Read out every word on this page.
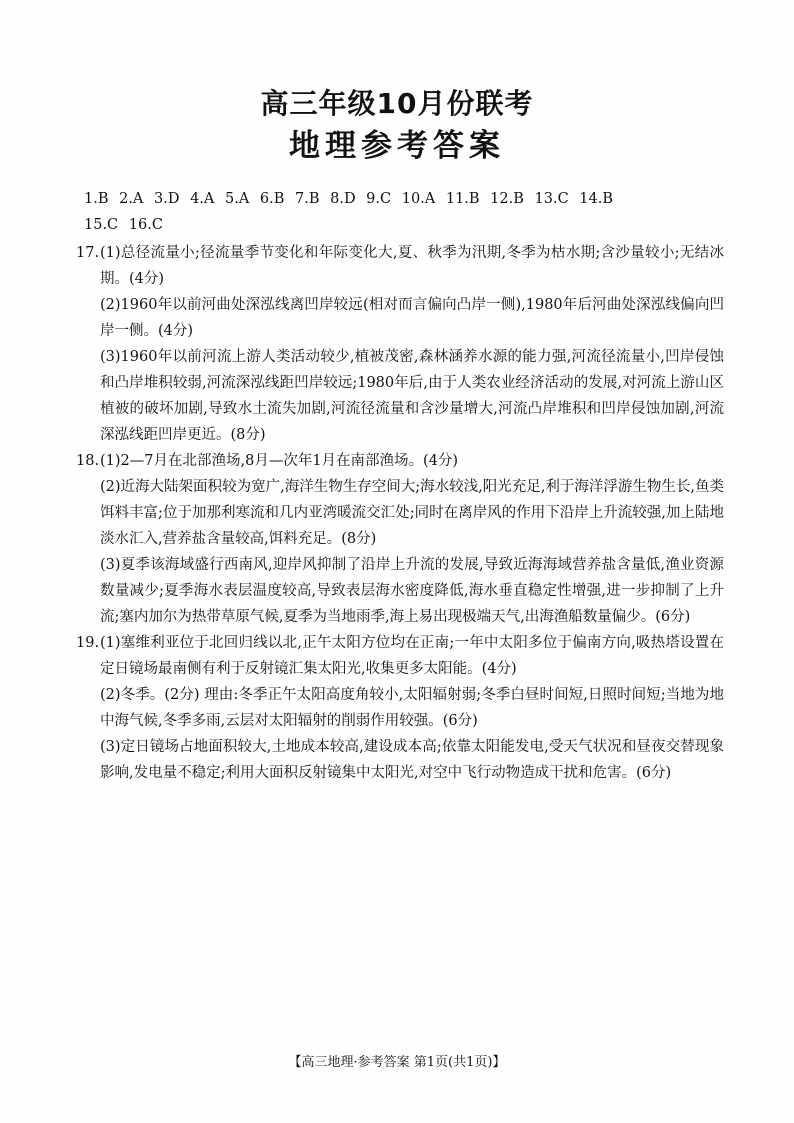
高三年级10月份联考
地理参考答案
1.B 2.A 3.D 4.A 5.A 6.B 7.B 8.D 9.C 10.A 11.B 12.B 13.C 14.B
15.C 16.C
17. (1)总径流量小;径流量季节变化和年际变化大,夏、秋季为汛期,冬季为枯水期;含沙量较小;无结冰期。(4分)

(2)1960年以前河曲处深泓线离凹岸较远(相对而言偏向凸岸一侧),1980年后河曲处深泓线偏向凹岸一侧。(4分)

(3)1960年以前河流上游人类活动较少,植被茂密,森林涵养水源的能力强,河流径流量小,凹岸侵蚀和凸岸堆积较弱,河流深泓线距凹岸较远;1980年后,由于人类农业经济活动的发展,对河流上游山区植被的破坏加剧,导致水土流失加剧,河流径流量和含沙量增大,河流凸岸堆积和凹岸侵蚀加剧,河流深泓线距凹岸更近。(8分)

18. (1)2—7月在北部渔场,8月—次年1月在南部渔场。(4分)

(2)近海大陆架面积较为宽广,海洋生物生存空间大;海水较浅,阳光充足,利于海洋浮游生物生长,鱼类饵料丰富;位于加那利寒流和几内亚湾暖流交汇处;同时在离岸风的作用下沿岸上升流较强,加上陆地淡水汇入,营养盐含量较高,饵料充足。(8分)

(3)夏季该海域盛行西南风,迎岸风抑制了沿岸上升流的发展,导致近海海域营养盐含量低,渔业资源数量减少;夏季海水表层温度较高,导致表层海水密度降低,海水垂直稳定性增强,进一步抑制了上升流;塞内加尔为热带草原气候,夏季为当地雨季,海上易出现极端天气,出海渔船数量偏少。(6分)

19. (1)塞维利亚位于北回归线以北,正午太阳方位均在正南;一年中太阳多位于偏南方向,吸热塔设置在定日镜场最南侧有利于反射镜汇集太阳光,收集更多太阳能。(4分)

(2)冬季。(2分) 理由:冬季正午太阳高度角较小,太阳辐射弱;冬季白昼时间短,日照时间短;当地为地中海气候,冬季多雨,云层对太阳辐射的削弱作用较强。(6分)

(3)定日镜场占地面积较大,土地成本较高,建设成本高;依靠太阳能发电,受天气状况和昼夜交替现象影响,发电量不稳定;利用大面积反射镜集中太阳光,对空中飞行动物造成干扰和危害。(6分)

【高三地理·参考答案 第1页(共1页)】
